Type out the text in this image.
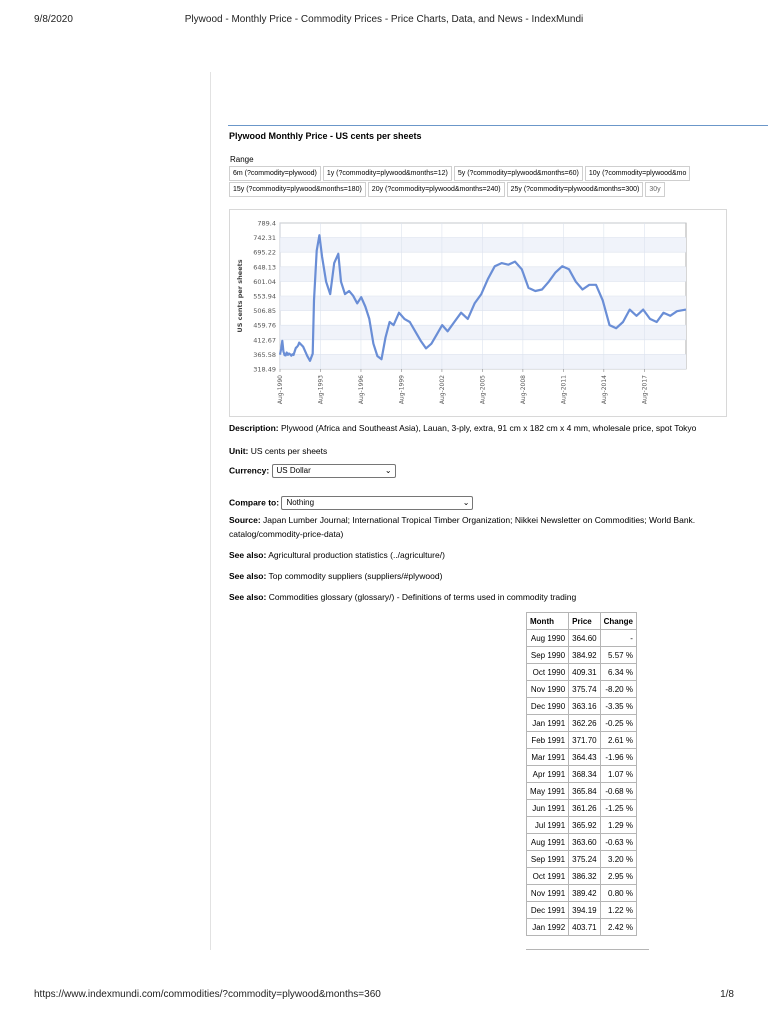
9/8/2020	Plywood - Monthly Price - Commodity Prices - Price Charts, Data, and News - IndexMundi
Plywood Monthly Price - US cents per sheets
Range
6m (?commodity=plywood)	1y (?commodity=plywood&months=12)	5y (?commodity=plywood&months=60)	10y (?commodity=plywood&mo
15y (?commodity=plywood&months=180)	20y (?commodity=plywood&months=240)	25y (?commodity=plywood&months=300)	30y
789.4
742.31
695.22
648.13
601.04
553.94
506.85
459.76
412.67
365.58
318.49
Aug-1990	Aug-1993	Aug-1996	Aug-1999	Aug-2002	Aug-2005	Aug-2008	Aug-2011	Aug-2014	Aug-2017
US cents per sheets
Description: Plywood (Africa and Southeast Asia), Lauan, 3-ply, extra, 91 cm x 182 cm x 4 mm, wholesale price, spot Tokyo
Unit: US cents per sheets
Currency: US Dollar	⌄
Compare to: Nothing	⌄
Source: Japan Lumber Journal; International Tropical Timber Organization; Nikkei Newsletter on Commodities; World Bank.
catalog/commodity-price-data)
See also: Agricultural production statistics (../agriculture/)
See also: Top commodity suppliers (suppliers/#plywood)
See also: Commodities glossary (glossary/) - Definitions of terms used in commodity trading
Month	Price	Change
Aug 1990	364.60	-
Sep 1990	384.92	5.57 %
Oct 1990	409.31	6.34 %
Nov 1990	375.74	-8.20 %
Dec 1990	363.16	-3.35 %
Jan 1991	362.26	-0.25 %
Feb 1991	371.70	2.61 %
Mar 1991	364.43	-1.96 %
Apr 1991	368.34	1.07 %
May 1991	365.84	-0.68 %
Jun 1991	361.26	-1.25 %
Jul 1991	365.92	1.29 %
Aug 1991	363.60	-0.63 %
Sep 1991	375.24	3.20 %
Oct 1991	386.32	2.95 %
Nov 1991	389.42	0.80 %
Dec 1991	394.19	1.22 %
Jan 1992	403.71	2.42 %
https://www.indexmundi.com/commodities/?commodity=plywood&months=360	1/8
